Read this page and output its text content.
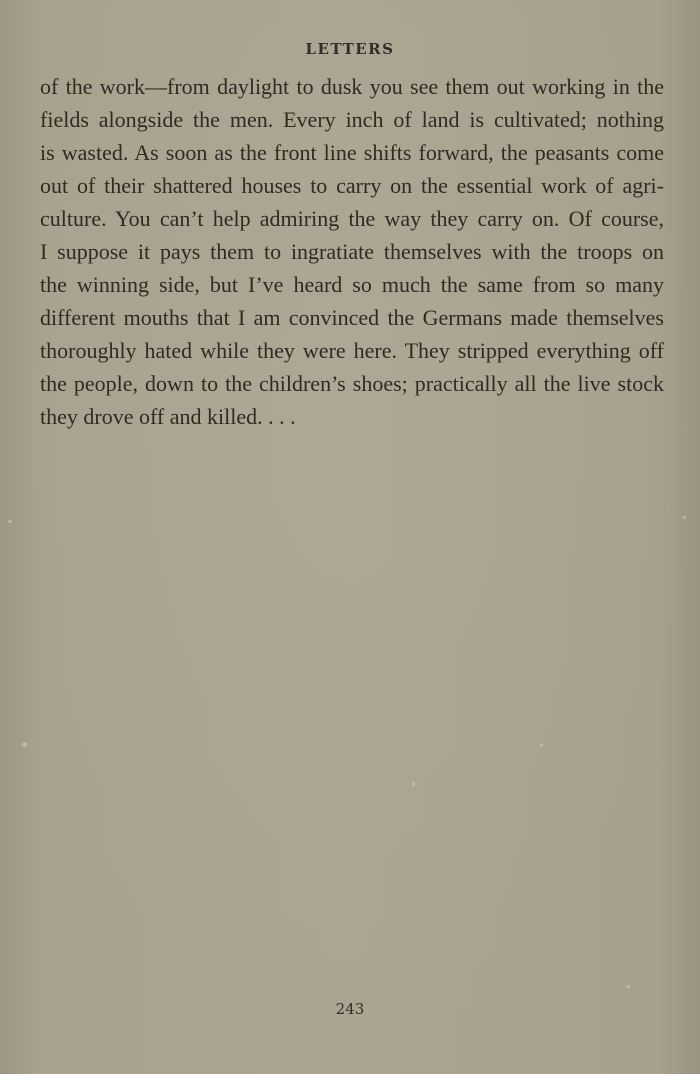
LETTERS
of the work—from daylight to dusk you see them out working in the
fields alongside the men. Every inch of land is cultivated; nothing
is wasted. As soon as the front line shifts forward, the peasants come
out of their shattered houses to carry on the essential work of agri-
culture. You can’t help admiring the way they carry on. Of course,
I suppose it pays them to ingratiate themselves with the troops on
the winning side, but I’ve heard so much the same from so many
different mouths that I am convinced the Germans made themselves
thoroughly hated while they were here. They stripped everything off
the people, down to the children’s shoes; practically all the live stock
they drove off and killed. . . .
243
